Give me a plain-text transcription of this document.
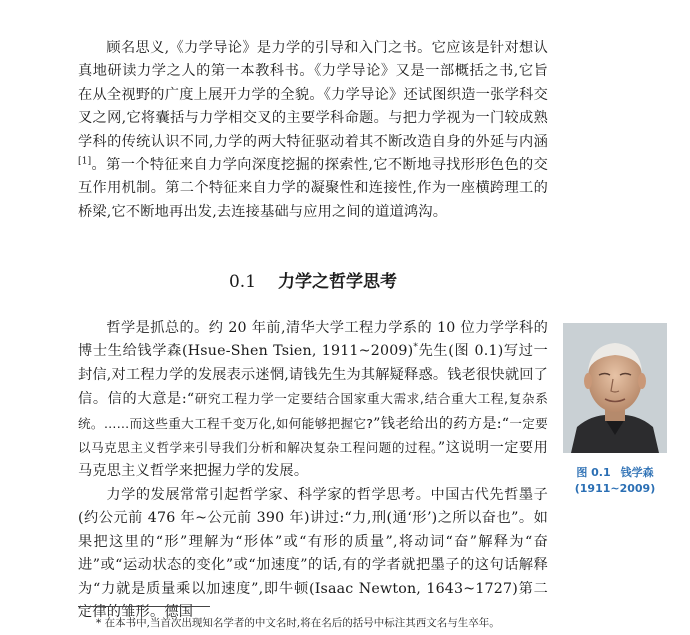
顾名思义,《力学导论》是力学的引导和入门之书。它应该是针对想认真地研读力学之人的第一本教科书。《力学导论》又是一部概括之书,它旨在从全视野的广度上展开力学的全貌。《力学导论》还试图织造一张学科交叉之网,它将囊括与力学相交叉的主要学科命题。与把力学视为一门较成熟学科的传统认识不同,力学的两大特征驱动着其不断改造自身的外延与内涵[1]。第一个特征来自力学向深度挖掘的探索性,它不断地寻找形形色色的交互作用机制。第二个特征来自力学的凝聚性和连接性,作为一座横跨理工的桥梁,它不断地再出发,去连接基础与应用之间的道道鸿沟。

0.1 力学之哲学思考

哲学是抓总的。约 20 年前,清华大学工程力学系的 10 位力学学科的博士生给钱学森(Hsue-Shen Tsien, 1911~2009)*先生(图 0.1)写过一封信,对工程力学的发展表示迷惘,请钱先生为其解疑释惑。钱老很快就回了信。信的大意是:“研究工程力学一定要结合国家重大需求,结合重大工程,复杂系统。……而这些重大工程千变万化,如何能够把握它?”钱老给出的药方是:“一定要以马克思主义哲学来引导我们分析和解决复杂工程问题的过程。”这说明一定要用马克思主义哲学来把握力学的发展。

力学的发展常常引起哲学家、科学家的哲学思考。中国古代先哲墨子(约公元前 476 年~公元前 390 年)讲过:“力,刑(通‘形’)之所以奋也”。如果把这里的“形”理解为“形体”或“有形的质量”,将动词“奋”解释为“奋进”或“运动状态的变化”或“加速度”的话,有的学者就把墨子的这句话解释为“力就是质量乘以加速度”,即牛顿(Isaac Newton, 1643~1727)第二定律的雏形。德国

图 0.1 钱学森
(1911~2009)
* 在本书中,当首次出现知名学者的中文名时,将在名后的括号中标注其西文名与生卒年。
